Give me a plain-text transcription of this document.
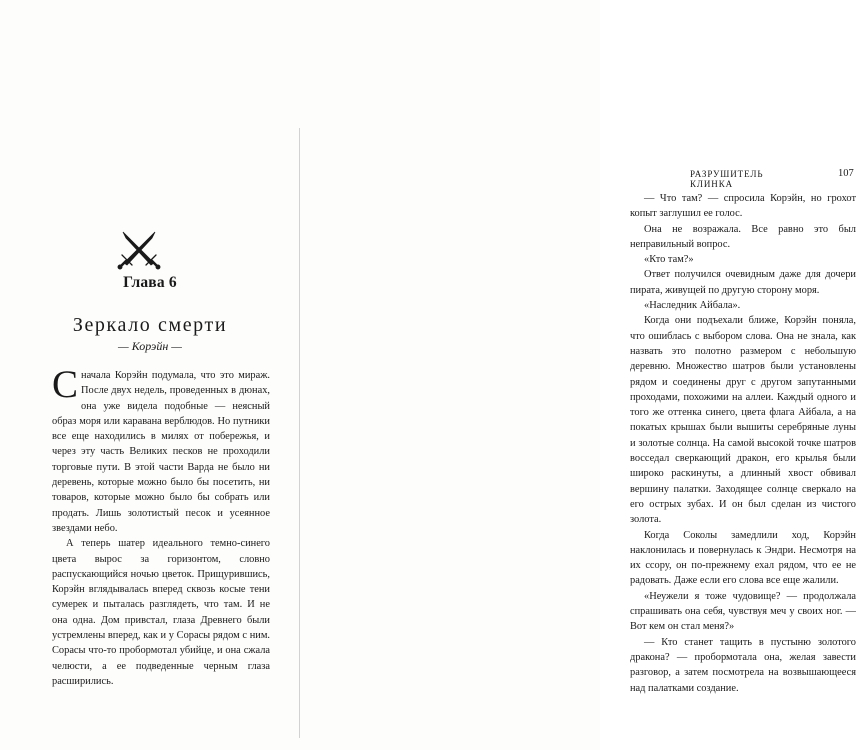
Глава 6
Зеркало смерти
— Корэйн —

Сначала Корэйн подумала, что это мираж. После двух недель, проведенных в дюнах, она уже видела подобные — неясный образ моря или каравана верблюдов. Но путники все еще находились в милях от побережья, и через эту часть Великих песков не проходили торговые пути. В этой части Варда не было ни деревень, которые можно было бы посетить, ни товаров, которые можно было бы собрать или продать. Лишь золотистый песок и усеянное звездами небо.

А теперь шатер идеального темно-синего цвета вырос за горизонтом, словно распускающийся ночью цветок. Прищурившись, Корэйн вглядывалась вперед сквозь косые тени сумерек и пыталась разглядеть, что там. И не она одна. Дом привстал, глаза Древнего были устремлены вперед, как и у Сорасы рядом с ним. Сорасы что-то пробормотал убийце, и она сжала челюсти, а ее подведенные черным глаза расширились.

РАЗРУШИТЕЛЬ КЛИНКА
107

— Что там? — спросила Корэйн, но грохот копыт заглушил ее голос.

Она не возражала. Все равно это был неправильный вопрос.

«Кто там?»

Ответ получился очевидным даже для дочери пирата, живущей по другую сторону моря.

«Наследник Айбала».

Когда они подъехали ближе, Корэйн поняла, что ошиблась с выбором слова. Она не знала, как назвать это полотно размером с небольшую деревню. Множество шатров были установлены рядом и соединены друг с другом запутанными проходами, похожими на аллеи. Каждый одного и того же оттенка синего, цвета флага Айбала, а на покатых крышах были вышиты серебряные луны и золотые солнца. На самой высокой точке шатров восседал сверкающий дракон, его крылья были широко раскинуты, а длинный хвост обвивал вершину палатки. Заходящее солнце сверкало на его острых зубах. И он был сделан из чистого золота.

Когда Соколы замедлили ход, Корэйн наклонилась и повернулась к Эндри. Несмотря на их ссору, он по-прежнему ехал рядом, что ее не радовать. Даже если его слова все еще жалили.

«Неужели я тоже чудовище? — продолжала спрашивать она себя, чувствуя меч у своих ног. — Вот кем он стал меня?»

— Кто станет тащить в пустыню золотого дракона? — пробормотала она, желая завести разговор, а затем посмотрела на возвышающееся над палатками создание.
